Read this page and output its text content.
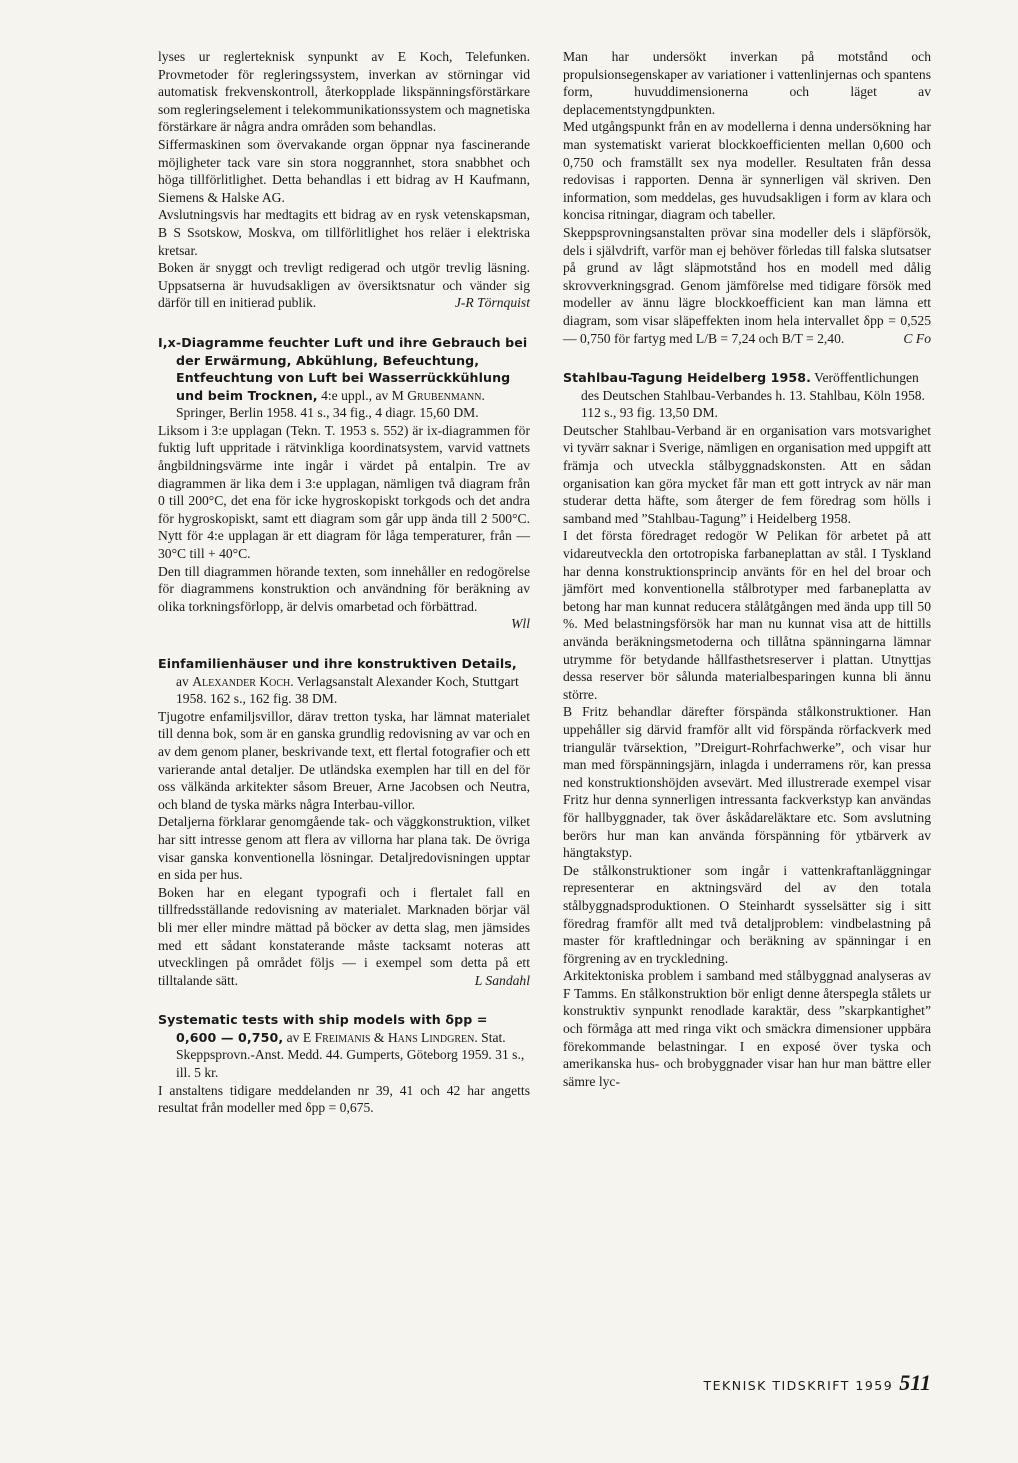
lyses ur reglerteknisk synpunkt av E Koch, Telefunken. Provmetoder för regleringssystem, inverkan av störningar vid automatisk frekvenskontroll, återkopplade likspänningsförstärkare som regleringselement i telekommunikationssystem och magnetiska förstärkare är några andra områden som behandlas.

Siffermaskinen som övervakande organ öppnar nya fascinerande möjligheter tack vare sin stora noggrannhet, stora snabbhet och höga tillförlitlighet. Detta behandlas i ett bidrag av H Kaufmann, Siemens & Halske AG.

Avslutningsvis har medtagits ett bidrag av en rysk vetenskapsman, B S Ssotskow, Moskva, om tillförlitlighet hos reläer i elektriska kretsar.

Boken är snyggt och trevligt redigerad och utgör trevlig läsning. Uppsatserna är huvudsakligen av översiktsnatur och vänder sig därför till en initierad publik.	J-R Törnquist

I,x-Diagramme feuchter Luft und ihre Gebrauch bei der Erwärmung, Abkühlung, Befeuchtung, Entfeuchtung von Luft bei Wasserrückkühlung und beim Trocknen, 4:e uppl., av M Grubenmann. Springer, Berlin 1958. 41 s., 34 fig., 4 diagr. 15,60 DM.

Liksom i 3:e upplagan (Tekn. T. 1953 s. 552) är ix-diagrammen för fuktig luft uppritade i rätvinkliga koordinatsystem, varvid vattnets ångbildningsvärme inte ingår i värdet på entalpin. Tre av diagrammen är lika dem i 3:e upplagan, nämligen två diagram från 0 till 200°C, det ena för icke hygroskopiskt torkgods och det andra för hygroskopiskt, samt ett diagram som går upp ända till 2 500°C. Nytt för 4:e upplagan är ett diagram för låga temperaturer, från — 30°C till + 40°C.

Den till diagrammen hörande texten, som innehåller en redogörelse för diagrammens konstruktion och användning för beräkning av olika torkningsförlopp, är delvis omarbetad och förbättrad.

Wll

Einfamilienhäuser und ihre konstruktiven Details, av Alexander Koch. Verlagsanstalt Alexander Koch, Stuttgart 1958. 162 s., 162 fig. 38 DM.

Tjugotre enfamiljsvillor, därav tretton tyska, har lämnat materialet till denna bok, som är en ganska grundlig redovisning av var och en av dem genom planer, beskrivande text, ett flertal fotografier och ett varierande antal detaljer. De utländska exemplen har till en del för oss välkända arkitekter såsom Breuer, Arne Jacobsen och Neutra, och bland de tyska märks några Interbau-villor.

Detaljerna förklarar genomgående tak- och väggkonstruktion, vilket har sitt intresse genom att flera av villorna har plana tak. De övriga visar ganska konventionella lösningar. Detaljredovisningen upptar en sida per hus.

Boken har en elegant typografi och i flertalet fall en tillfredsställande redovisning av materialet. Marknaden börjar väl bli mer eller mindre mättad på böcker av detta slag, men jämsides med ett sådant konstaterande måste tacksamt noteras att utvecklingen på området följs — i exempel som detta på ett tilltalande sätt.	L Sandahl

Systematic tests with ship models with δpp = 0,600 — 0,750, av E Freimanis & Hans Lindgren. Stat. Skeppsprovn.-Anst. Medd. 44. Gumperts, Göteborg 1959. 31 s., ill. 5 kr.

I anstaltens tidigare meddelanden nr 39, 41 och 42 har angetts resultat från modeller med δpp = 0,675.

Man har undersökt inverkan på motstånd och propulsionsegenskaper av variationer i vattenlinjernas och spantens form, huvuddimensionerna och läget av deplacementstyngdpunkten.

Med utgångspunkt från en av modellerna i denna undersökning har man systematiskt varierat blockkoefficienten mellan 0,600 och 0,750 och framställt sex nya modeller. Resultaten från dessa redovisas i rapporten. Denna är synnerligen väl skriven. Den information, som meddelas, ges huvudsakligen i form av klara och koncisa ritningar, diagram och tabeller.

Skeppsprovningsanstalten prövar sina modeller dels i släpförsök, dels i självdrift, varför man ej behöver förledas till falska slutsatser på grund av lågt släpmotstånd hos en modell med dålig skrovverkningsgrad. Genom jämförelse med tidigare försök med modeller av ännu lägre blockkoefficient kan man lämna ett diagram, som visar släpeffekten inom hela intervallet δpp = 0,525 — 0,750 för fartyg med L/B = 7,24 och B/T = 2,40.	C Fo

Stahlbau-Tagung Heidelberg 1958. Veröffentlichungen des Deutschen Stahlbau-Verbandes h. 13. Stahlbau, Köln 1958. 112 s., 93 fig. 13,50 DM.

Deutscher Stahlbau-Verband är en organisation vars motsvarighet vi tyvärr saknar i Sverige, nämligen en organisation med uppgift att främja och utveckla stålbyggnadskonsten. Att en sådan organisation kan göra mycket får man ett gott intryck av när man studerar detta häfte, som återger de fem föredrag som hölls i samband med ”Stahlbau-Tagung” i Heidelberg 1958.

I det första föredraget redogör W Pelikan för arbetet på att vidareutveckla den ortotropiska farbaneplattan av stål. I Tyskland har denna konstruktionsprincip använts för en hel del broar och jämfört med konventionella stålbrotyper med farbaneplatta av betong har man kunnat reducera stålåtgången med ända upp till 50 %. Med belastningsförsök har man nu kunnat visa att de hittills använda beräkningsmetoderna och tillåtna spänningarna lämnar utrymme för betydande hållfasthetsreserver i plattan. Utnyttjas dessa reserver bör sålunda materialbesparingen kunna bli ännu större.

B Fritz behandlar därefter förspända stålkonstruktioner. Han uppehåller sig därvid framför allt vid förspända rörfackverk med triangulär tvärsektion, ”Dreigurt-Rohrfachwerke”, och visar hur man med förspänningsjärn, inlagda i underramens rör, kan pressa ned konstruktionshöjden avsevärt. Med illustrerade exempel visar Fritz hur denna synnerligen intressanta fackverkstyp kan användas för hallbyggnader, tak över åskådareläktare etc. Som avslutning berörs hur man kan använda förspänning för ytbärverk av hängtakstyp.

De stålkonstruktioner som ingår i vattenkraftanläggningar representerar en aktningsvärd del av den totala stålbyggnadsproduktionen. O Steinhardt sysselsätter sig i sitt föredrag framför allt med två detaljproblem: vindbelastning på master för kraftledningar och beräkning av spänningar i en förgrening av en tryckledning.

Arkitektoniska problem i samband med stålbyggnad analyseras av F Tamms. En stålkonstruktion bör enligt denne återspegla stålets ur konstruktiv synpunkt renodlade karaktär, dess ”skarpkantighet” och förmåga att med ringa vikt och smäckra dimensioner uppbära förekommande belastningar. I en exposé över tyska och amerikanska hus- och brobyggnader visar han hur man bättre eller sämre lyc-

TEKNISK TIDSKRIFT 1959 511
